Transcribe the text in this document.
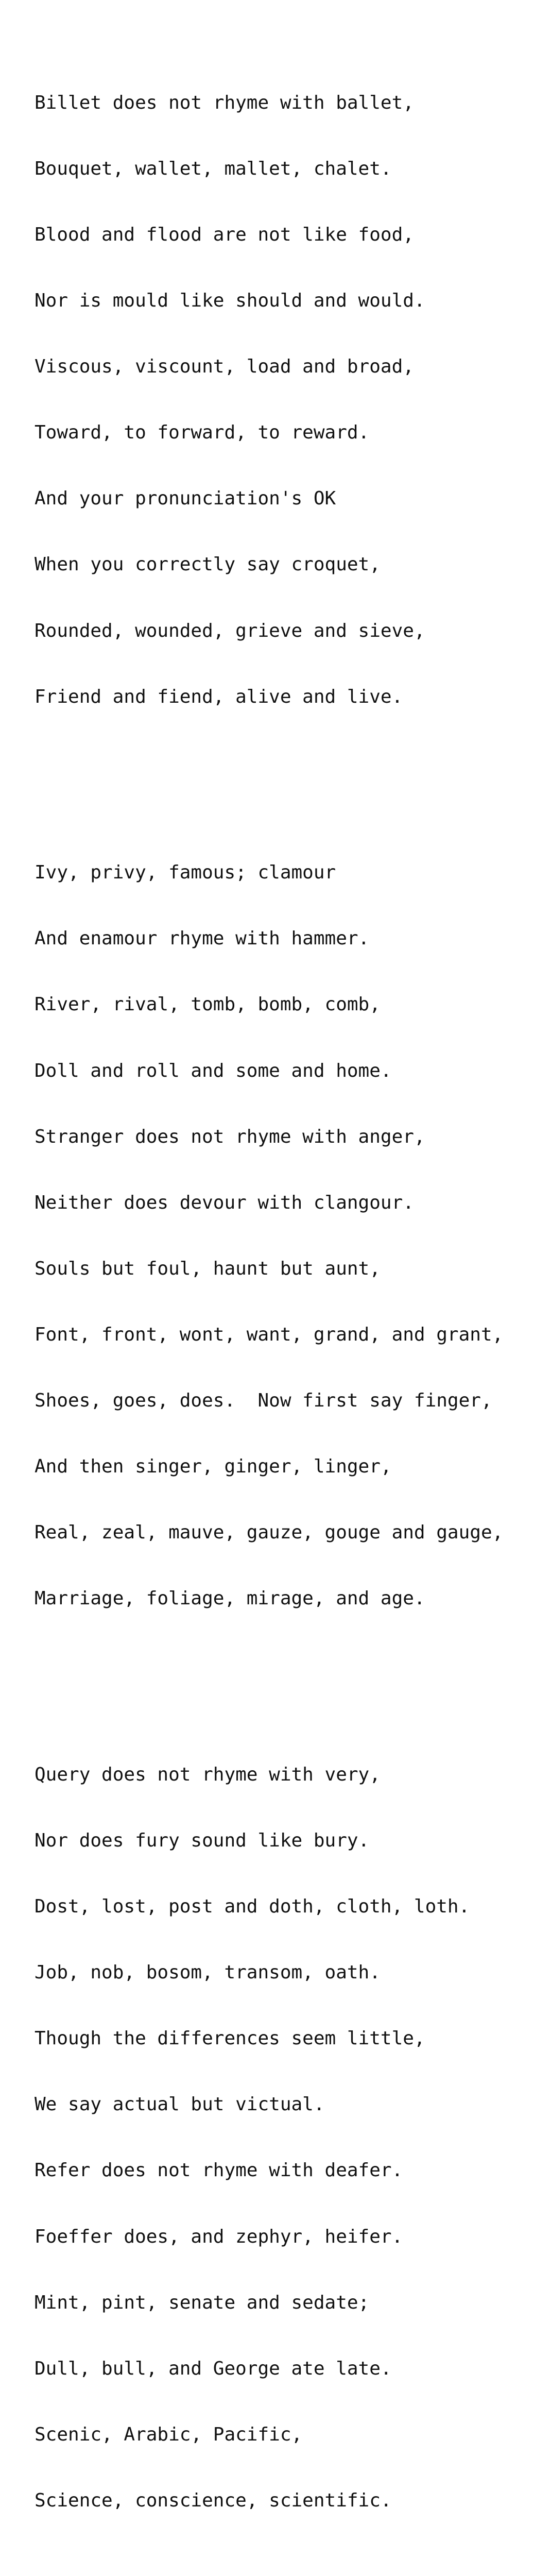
Billet does not rhyme with ballet,

Bouquet, wallet, mallet, chalet.

Blood and flood are not like food,

Nor is mould like should and would.

Viscous, viscount, load and broad,

Toward, to forward, to reward.

And your pronunciation's OK

When you correctly say croquet,

Rounded, wounded, grieve and sieve,

Friend and fiend, alive and live.

Ivy, privy, famous; clamour

And enamour rhyme with hammer.

River, rival, tomb, bomb, comb,

Doll and roll and some and home.

Stranger does not rhyme with anger,

Neither does devour with clangour.

Souls but foul, haunt but aunt,

Font, front, wont, want, grand, and grant,

Shoes, goes, does.  Now first say finger,

And then singer, ginger, linger,

Real, zeal, mauve, gauze, gouge and gauge,

Marriage, foliage, mirage, and age.

Query does not rhyme with very,

Nor does fury sound like bury.

Dost, lost, post and doth, cloth, loth.

Job, nob, bosom, transom, oath.

Though the differences seem little,

We say actual but victual.

Refer does not rhyme with deafer.

Foeffer does, and zephyr, heifer.

Mint, pint, senate and sedate;

Dull, bull, and George ate late.

Scenic, Arabic, Pacific,

Science, conscience, scientific.
